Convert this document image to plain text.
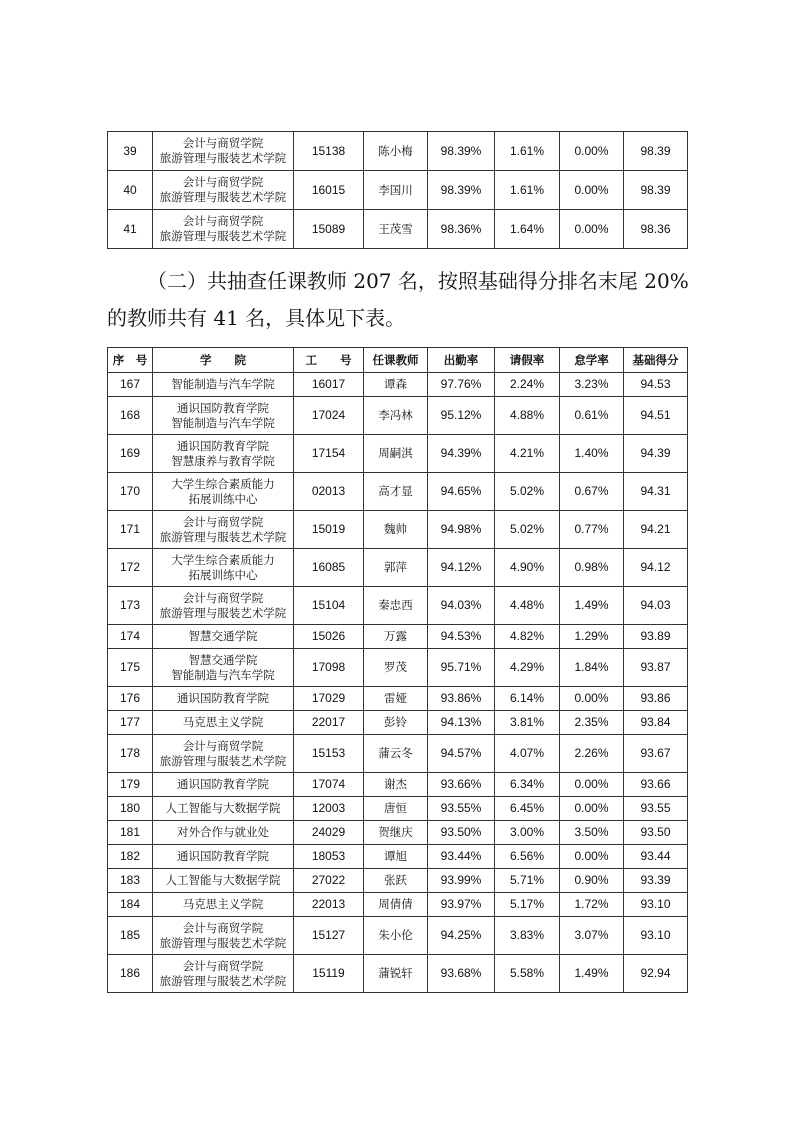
39	会计与商贸学院
旅游管理与服装艺术学院	15138	陈小梅	98.39%	1.61%	0.00%	98.39
40	会计与商贸学院
旅游管理与服装艺术学院	16015	李国川	98.39%	1.61%	0.00%	98.39
41	会计与商贸学院
旅游管理与服装艺术学院	15089	王茂雪	98.36%	1.64%	0.00%	98.36
（二）共抽查任课教师 207 名，按照基础得分排名末尾 20%
的教师共有 41 名，具体见下表。
序　号	学　　院	工　　号	任课教师	出勤率	请假率	怠学率	基础得分
167	智能制造与汽车学院	16017	谭森	97.76%	2.24%	3.23%	94.53
168	通识国防教育学院
智能制造与汽车学院	17024	李冯林	95.12%	4.88%	0.61%	94.51
169	通识国防教育学院
智慧康养与教育学院	17154	周嗣淇	94.39%	4.21%	1.40%	94.39
170	大学生综合素质能力
拓展训练中心	02013	高才显	94.65%	5.02%	0.67%	94.31
171	会计与商贸学院
旅游管理与服装艺术学院	15019	魏帅	94.98%	5.02%	0.77%	94.21
172	大学生综合素质能力
拓展训练中心	16085	郭萍	94.12%	4.90%	0.98%	94.12
173	会计与商贸学院
旅游管理与服装艺术学院	15104	秦忠西	94.03%	4.48%	1.49%	94.03
174	智慧交通学院	15026	万露	94.53%	4.82%	1.29%	93.89
175	智慧交通学院
智能制造与汽车学院	17098	罗茂	95.71%	4.29%	1.84%	93.87
176	通识国防教育学院	17029	雷娅	93.86%	6.14%	0.00%	93.86
177	马克思主义学院	22017	彭铃	94.13%	3.81%	2.35%	93.84
178	会计与商贸学院
旅游管理与服装艺术学院	15153	蒲云冬	94.57%	4.07%	2.26%	93.67
179	通识国防教育学院	17074	谢杰	93.66%	6.34%	0.00%	93.66
180	人工智能与大数据学院	12003	唐恒	93.55%	6.45%	0.00%	93.55
181	对外合作与就业处	24029	贺继庆	93.50%	3.00%	3.50%	93.50
182	通识国防教育学院	18053	谭旭	93.44%	6.56%	0.00%	93.44
183	人工智能与大数据学院	27022	张跃	93.99%	5.71%	0.90%	93.39
184	马克思主义学院	22013	周倩倩	93.97%	5.17%	1.72%	93.10
185	会计与商贸学院
旅游管理与服装艺术学院	15127	朱小伦	94.25%	3.83%	3.07%	93.10
186	会计与商贸学院
旅游管理与服装艺术学院	15119	蒲锐轩	93.68%	5.58%	1.49%	92.94
